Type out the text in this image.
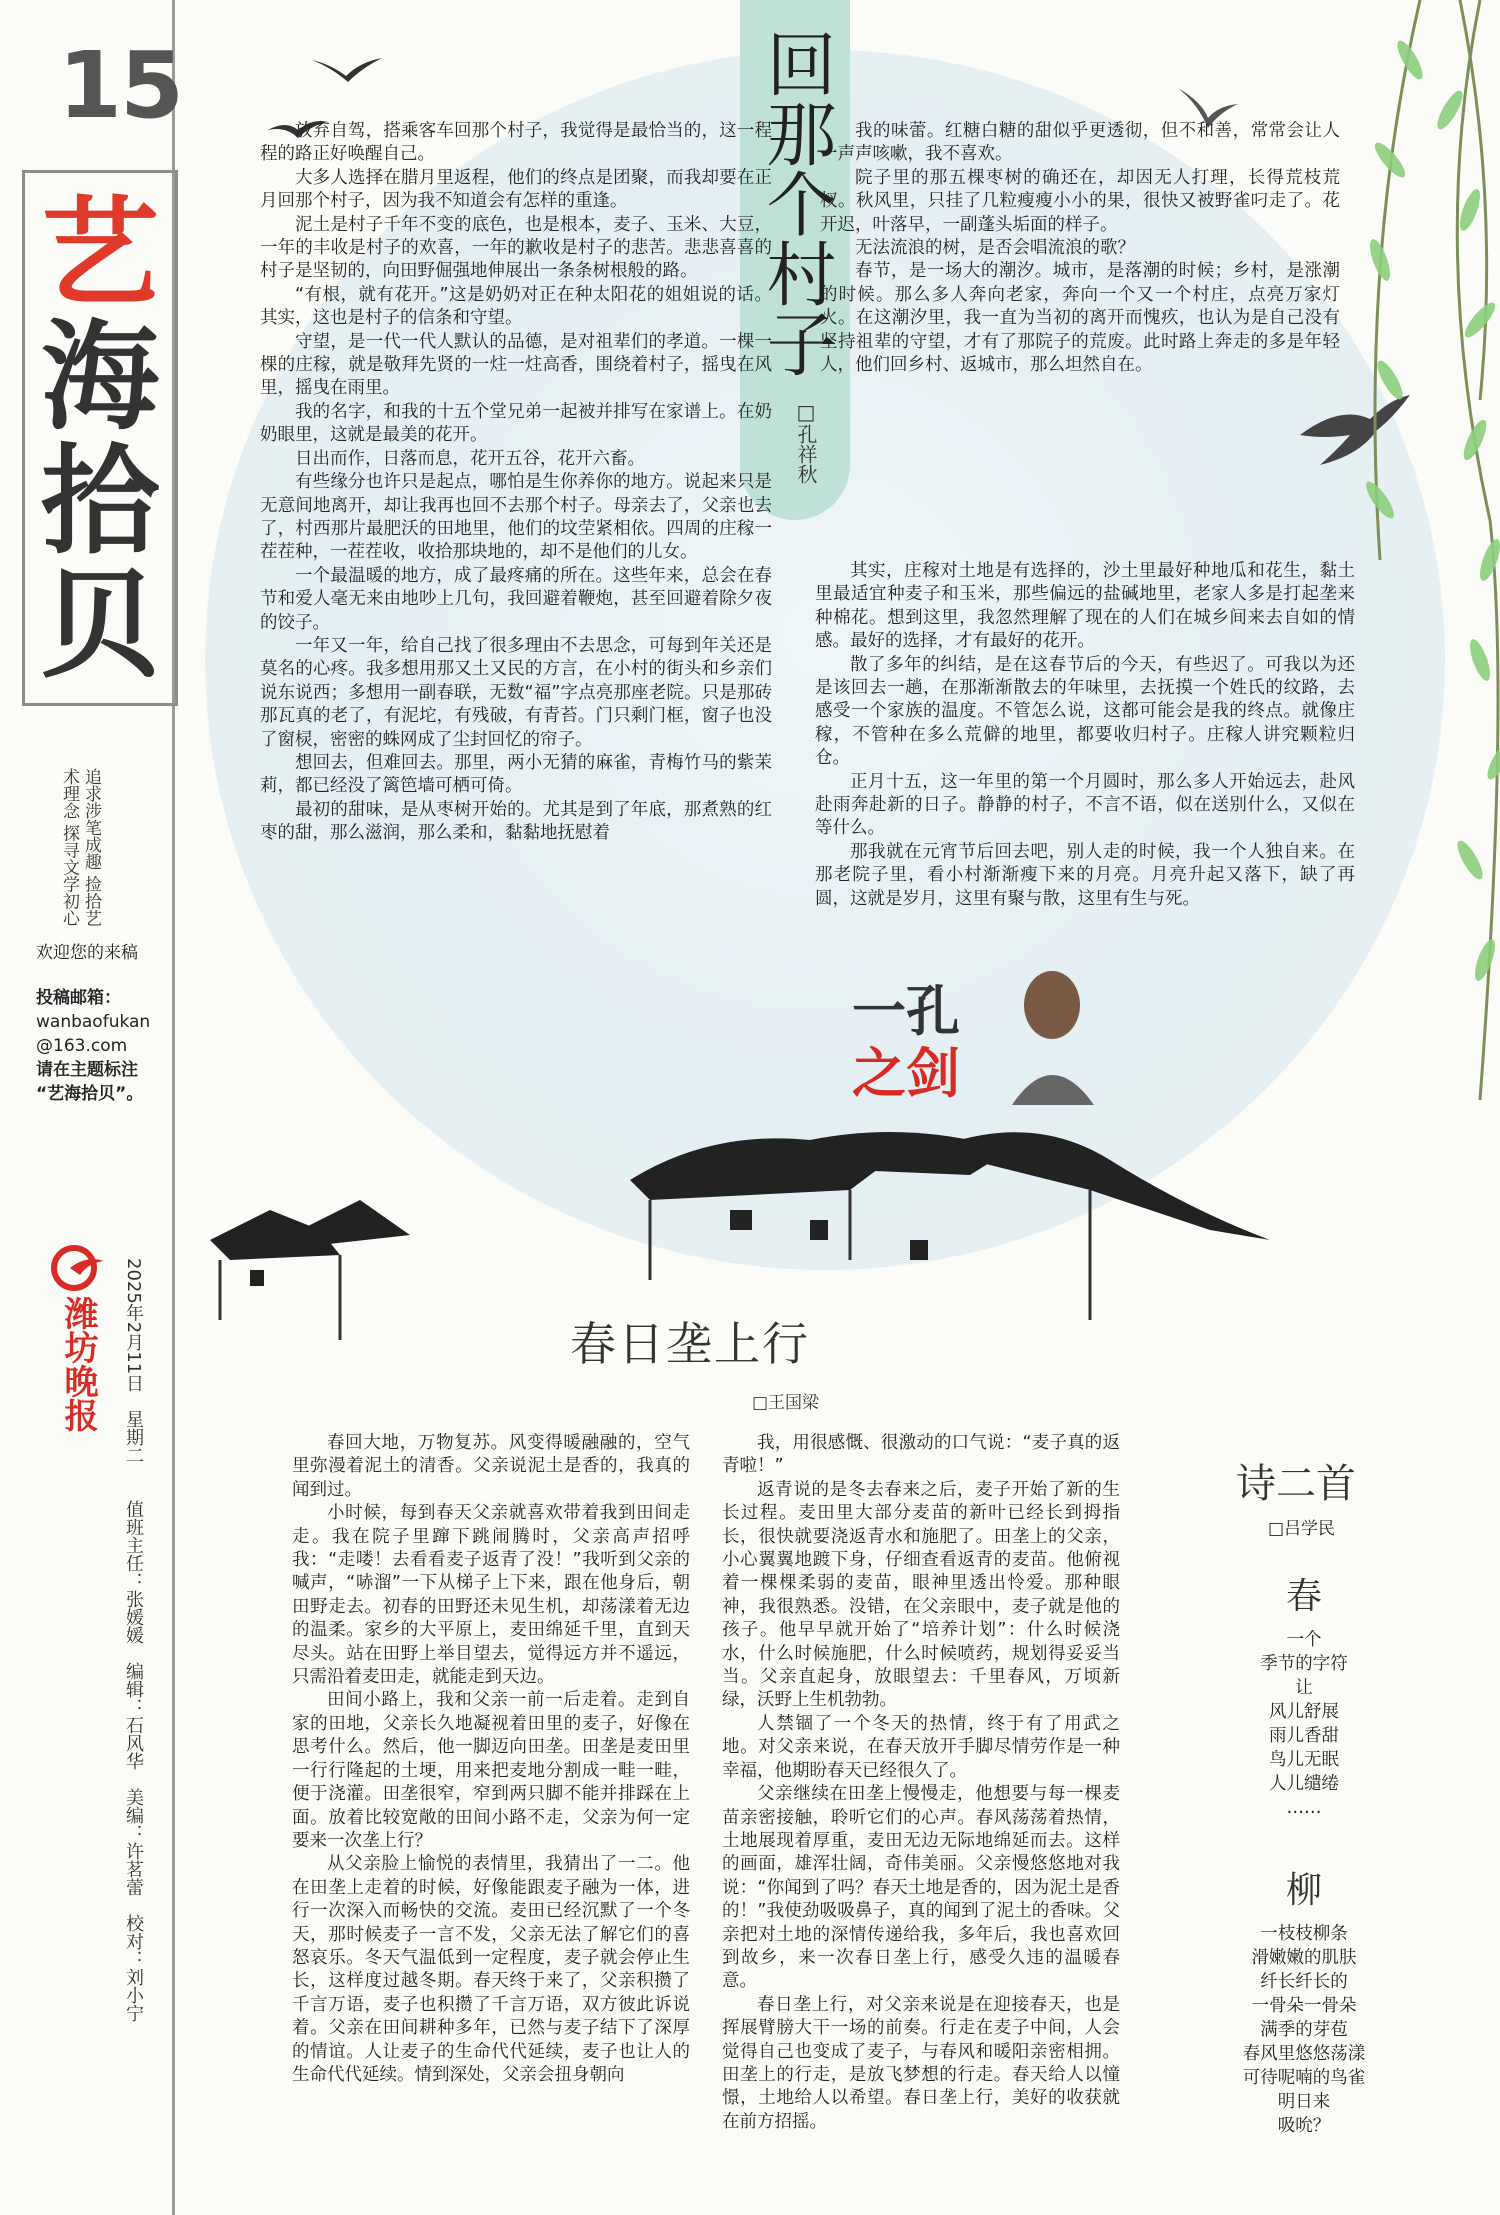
15
艺
海
拾
贝
追求涉笔成趣 捡拾艺术理念 探寻文学初心
欢迎您的来稿
投稿邮箱：
wanbaofukan
@163.com
请在主题标注
“艺海拾贝”。
潍坊晚报 2025年2月11日　星期二　　值班主任：张媛媛　编辑：石风华　美编：许茗蕾　校对：刘小宁
回那个村子
□孔祥秋

放弃自驾，搭乘客车回那个村子，我觉得是最恰当的，这一程程的路正好唤醒自己。

大多人选择在腊月里返程，他们的终点是团聚，而我却要在正月回那个村子，因为我不知道会有怎样的重逢。

泥土是村子千年不变的底色，也是根本，麦子、玉米、大豆，一年的丰收是村子的欢喜，一年的歉收是村子的悲苦。悲悲喜喜的村子是坚韧的，向田野倔强地伸展出一条条树根般的路。

“有根，就有花开。”这是奶奶对正在种太阳花的姐姐说的话。其实，这也是村子的信条和守望。

守望，是一代一代人默认的品德，是对祖辈们的孝道。一棵一棵的庄稼，就是敬拜先贤的一炷一炷高香，围绕着村子，摇曳在风里，摇曳在雨里。

我的名字，和我的十五个堂兄弟一起被并排写在家谱上。在奶奶眼里，这就是最美的花开。

日出而作，日落而息，花开五谷，花开六畜。

有些缘分也许只是起点，哪怕是生你养你的地方。说起来只是无意间地离开，却让我再也回不去那个村子。母亲去了，父亲也去了，村西那片最肥沃的田地里，他们的坟茔紧相依。四周的庄稼一茬茬种，一茬茬收，收拾那块地的，却不是他们的儿女。

一个最温暖的地方，成了最疼痛的所在。这些年来，总会在春节和爱人毫无来由地吵上几句，我回避着鞭炮，甚至回避着除夕夜的饺子。

一年又一年，给自己找了很多理由不去思念，可每到年关还是莫名的心疼。我多想用那又土又民的方言，在小村的街头和乡亲们说东说西；多想用一副春联，无数“福”字点亮那座老院。只是那砖那瓦真的老了，有泥坨，有残破，有青苔。门只剩门框，窗子也没了窗棂，密密的蛛网成了尘封回忆的帘子。

想回去，但难回去。那里，两小无猜的麻雀，青梅竹马的紫茉莉，都已经没了篱笆墙可栖可倚。

最初的甜味，是从枣树开始的。尤其是到了年底，那煮熟的红枣的甜，那么滋润，那么柔和，黏黏地抚慰着

我的味蕾。红糖白糖的甜似乎更透彻，但不和善，常常会让人一声声咳嗽，我不喜欢。

院子里的那五棵枣树的确还在，却因无人打理，长得荒枝荒杈。秋风里，只挂了几粒瘦瘦小小的果，很快又被野雀叼走了。花开迟，叶落早，一副蓬头垢面的样子。

无法流浪的树，是否会唱流浪的歌？

春节，是一场大的潮汐。城市，是落潮的时候；乡村，是涨潮的时候。那么多人奔向老家，奔向一个又一个村庄，点亮万家灯火。在这潮汐里，我一直为当初的离开而愧疚，也认为是自己没有坚持祖辈的守望，才有了那院子的荒废。此时路上奔走的多是年轻人，他们回乡村、返城市，那么坦然自在。

其实，庄稼对土地是有选择的，沙土里最好种地瓜和花生，黏土里最适宜种麦子和玉米，那些偏远的盐碱地里，老家人多是打起垄来种棉花。想到这里，我忽然理解了现在的人们在城乡间来去自如的情感。最好的选择，才有最好的花开。

散了多年的纠结，是在这春节后的今天，有些迟了。可我以为还是该回去一趟，在那渐渐散去的年味里，去抚摸一个姓氏的纹路，去感受一个家族的温度。不管怎么说，这都可能会是我的终点。就像庄稼，不管种在多么荒僻的地里，都要收归村子。庄稼人讲究颗粒归仓。

正月十五，这一年里的第一个月圆时，那么多人开始远去，赴风赴雨奔赴新的日子。静静的村子，不言不语，似在送别什么，又似在等什么。

那我就在元宵节后回去吧，别人走的时候，我一个人独自来。在那老院子里，看小村渐渐瘦下来的月亮。月亮升起又落下，缺了再圆，这就是岁月，这里有聚与散，这里有生与死。

一孔
之剑
春日垄上行
□王国梁

春回大地，万物复苏。风变得暖融融的，空气里弥漫着泥土的清香。父亲说泥土是香的，我真的闻到过。

小时候，每到春天父亲就喜欢带着我到田间走走。我在院子里蹿下跳闹腾时，父亲高声招呼我：“走喽！去看看麦子返青了没！”我听到父亲的喊声，“哧溜”一下从梯子上下来，跟在他身后，朝田野走去。初春的田野还未见生机，却荡漾着无边的温柔。家乡的大平原上，麦田绵延千里，直到天尽头。站在田野上举目望去，觉得远方并不遥远，只需沿着麦田走，就能走到天边。

田间小路上，我和父亲一前一后走着。走到自家的田地，父亲长久地凝视着田里的麦子，好像在思考什么。然后，他一脚迈向田垄。田垄是麦田里一行行隆起的土埂，用来把麦地分割成一畦一畦，便于浇灌。田垄很窄，窄到两只脚不能并排踩在上面。放着比较宽敞的田间小路不走，父亲为何一定要来一次垄上行？

从父亲脸上愉悦的表情里，我猜出了一二。他在田垄上走着的时候，好像能跟麦子融为一体，进行一次深入而畅快的交流。麦田已经沉默了一个冬天，那时候麦子一言不发，父亲无法了解它们的喜怒哀乐。冬天气温低到一定程度，麦子就会停止生长，这样度过越冬期。春天终于来了，父亲积攒了千言万语，麦子也积攒了千言万语，双方彼此诉说着。父亲在田间耕种多年，已然与麦子结下了深厚的情谊。人让麦子的生命代代延续，麦子也让人的生命代代延续。情到深处，父亲会扭身朝向

我，用很感慨、很激动的口气说：“麦子真的返青啦！”

返青说的是冬去春来之后，麦子开始了新的生长过程。麦田里大部分麦苗的新叶已经长到拇指长，很快就要浇返青水和施肥了。田垄上的父亲，小心翼翼地踱下身，仔细查看返青的麦苗。他俯视着一棵棵柔弱的麦苗，眼神里透出怜爱。那种眼神，我很熟悉。没错，在父亲眼中，麦子就是他的孩子。他早早就开始了“培养计划”：什么时候浇水，什么时候施肥，什么时候喷药，规划得妥妥当当。父亲直起身，放眼望去：千里春风，万顷新绿，沃野上生机勃勃。

人禁锢了一个冬天的热情，终于有了用武之地。对父亲来说，在春天放开手脚尽情劳作是一种幸福，他期盼春天已经很久了。

父亲继续在田垄上慢慢走，他想要与每一棵麦苗亲密接触，聆听它们的心声。春风荡荡着热情，土地展现着厚重，麦田无边无际地绵延而去。这样的画面，雄浑壮阔，奇伟美丽。父亲慢悠悠地对我说：“你闻到了吗？春天土地是香的，因为泥土是香的！”我使劲吸吸鼻子，真的闻到了泥土的香味。父亲把对土地的深情传递给我，多年后，我也喜欢回到故乡，来一次春日垄上行，感受久违的温暖春意。

春日垄上行，对父亲来说是在迎接春天，也是挥展臂膀大干一场的前奏。行走在麦子中间，人会觉得自己也变成了麦子，与春风和暖阳亲密相拥。田垄上的行走，是放飞梦想的行走。春天给人以憧憬，土地给人以希望。春日垄上行，美好的收获就在前方招摇。

诗二首
□吕学民
春
一个
季节的字符
让
风儿舒展
雨儿香甜
鸟儿无眠
人儿缱绻
……
柳
一枝枝柳条
滑嫩嫩的肌肤
纤长纤长的
一骨朵一骨朵
满季的芽苞
春风里悠悠荡漾
可待呢喃的鸟雀
明日来
吸吮？
